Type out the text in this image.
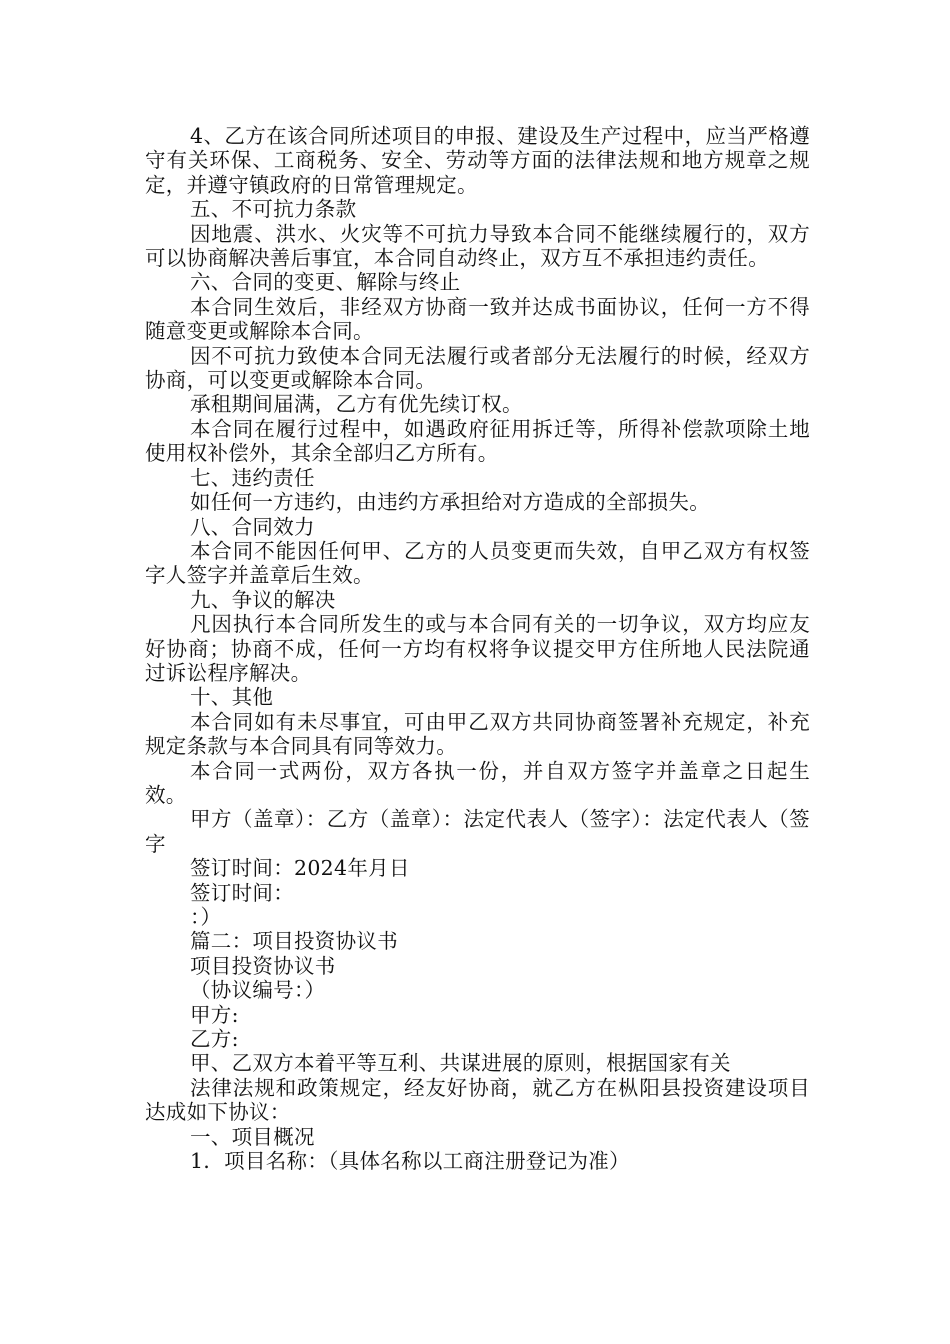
4、乙方在该合同所述项目的申报、建设及生产过程中，应当严格遵守有关环保、工商税务、安全、劳动等方面的法律法规和地方规章之规定，并遵守镇政府的日常管理规定。

五、不可抗力条款

因地震、洪水、火灾等不可抗力导致本合同不能继续履行的，双方可以协商解决善后事宜，本合同自动终止，双方互不承担违约责任。

六、合同的变更、解除与终止

本合同生效后，非经双方协商一致并达成书面协议，任何一方不得随意变更或解除本合同。

因不可抗力致使本合同无法履行或者部分无法履行的时候，经双方协商，可以变更或解除本合同。

承租期间届满，乙方有优先续订权。

本合同在履行过程中，如遇政府征用拆迁等，所得补偿款项除土地使用权补偿外，其余全部归乙方所有。

七、违约责任

如任何一方违约，由违约方承担给对方造成的全部损失。

八、合同效力

本合同不能因任何甲、乙方的人员变更而失效，自甲乙双方有权签字人签字并盖章后生效。

九、争议的解决

凡因执行本合同所发生的或与本合同有关的一切争议，双方均应友好协商；协商不成，任何一方均有权将争议提交甲方住所地人民法院通过诉讼程序解决。

十、其他

本合同如有未尽事宜，可由甲乙双方共同协商签署补充规定，补充规定条款与本合同具有同等效力。

本合同一式两份，双方各执一份，并自双方签字并盖章之日起生效。

甲方（盖章）：乙方（盖章）：法定代表人（签字）：法定代表人（签字

签订时间：2024年月日

签订时间：

：）

篇二：项目投资协议书

项目投资协议书

（协议编号：）

甲方:

乙方:

甲、乙双方本着平等互利、共谋进展的原则，根据国家有关

法律法规和政策规定，经友好协商，就乙方在枞阳县投资建设项目达成如下协议：

一、项目概况

1．项目名称：（具体名称以工商注册登记为准）
